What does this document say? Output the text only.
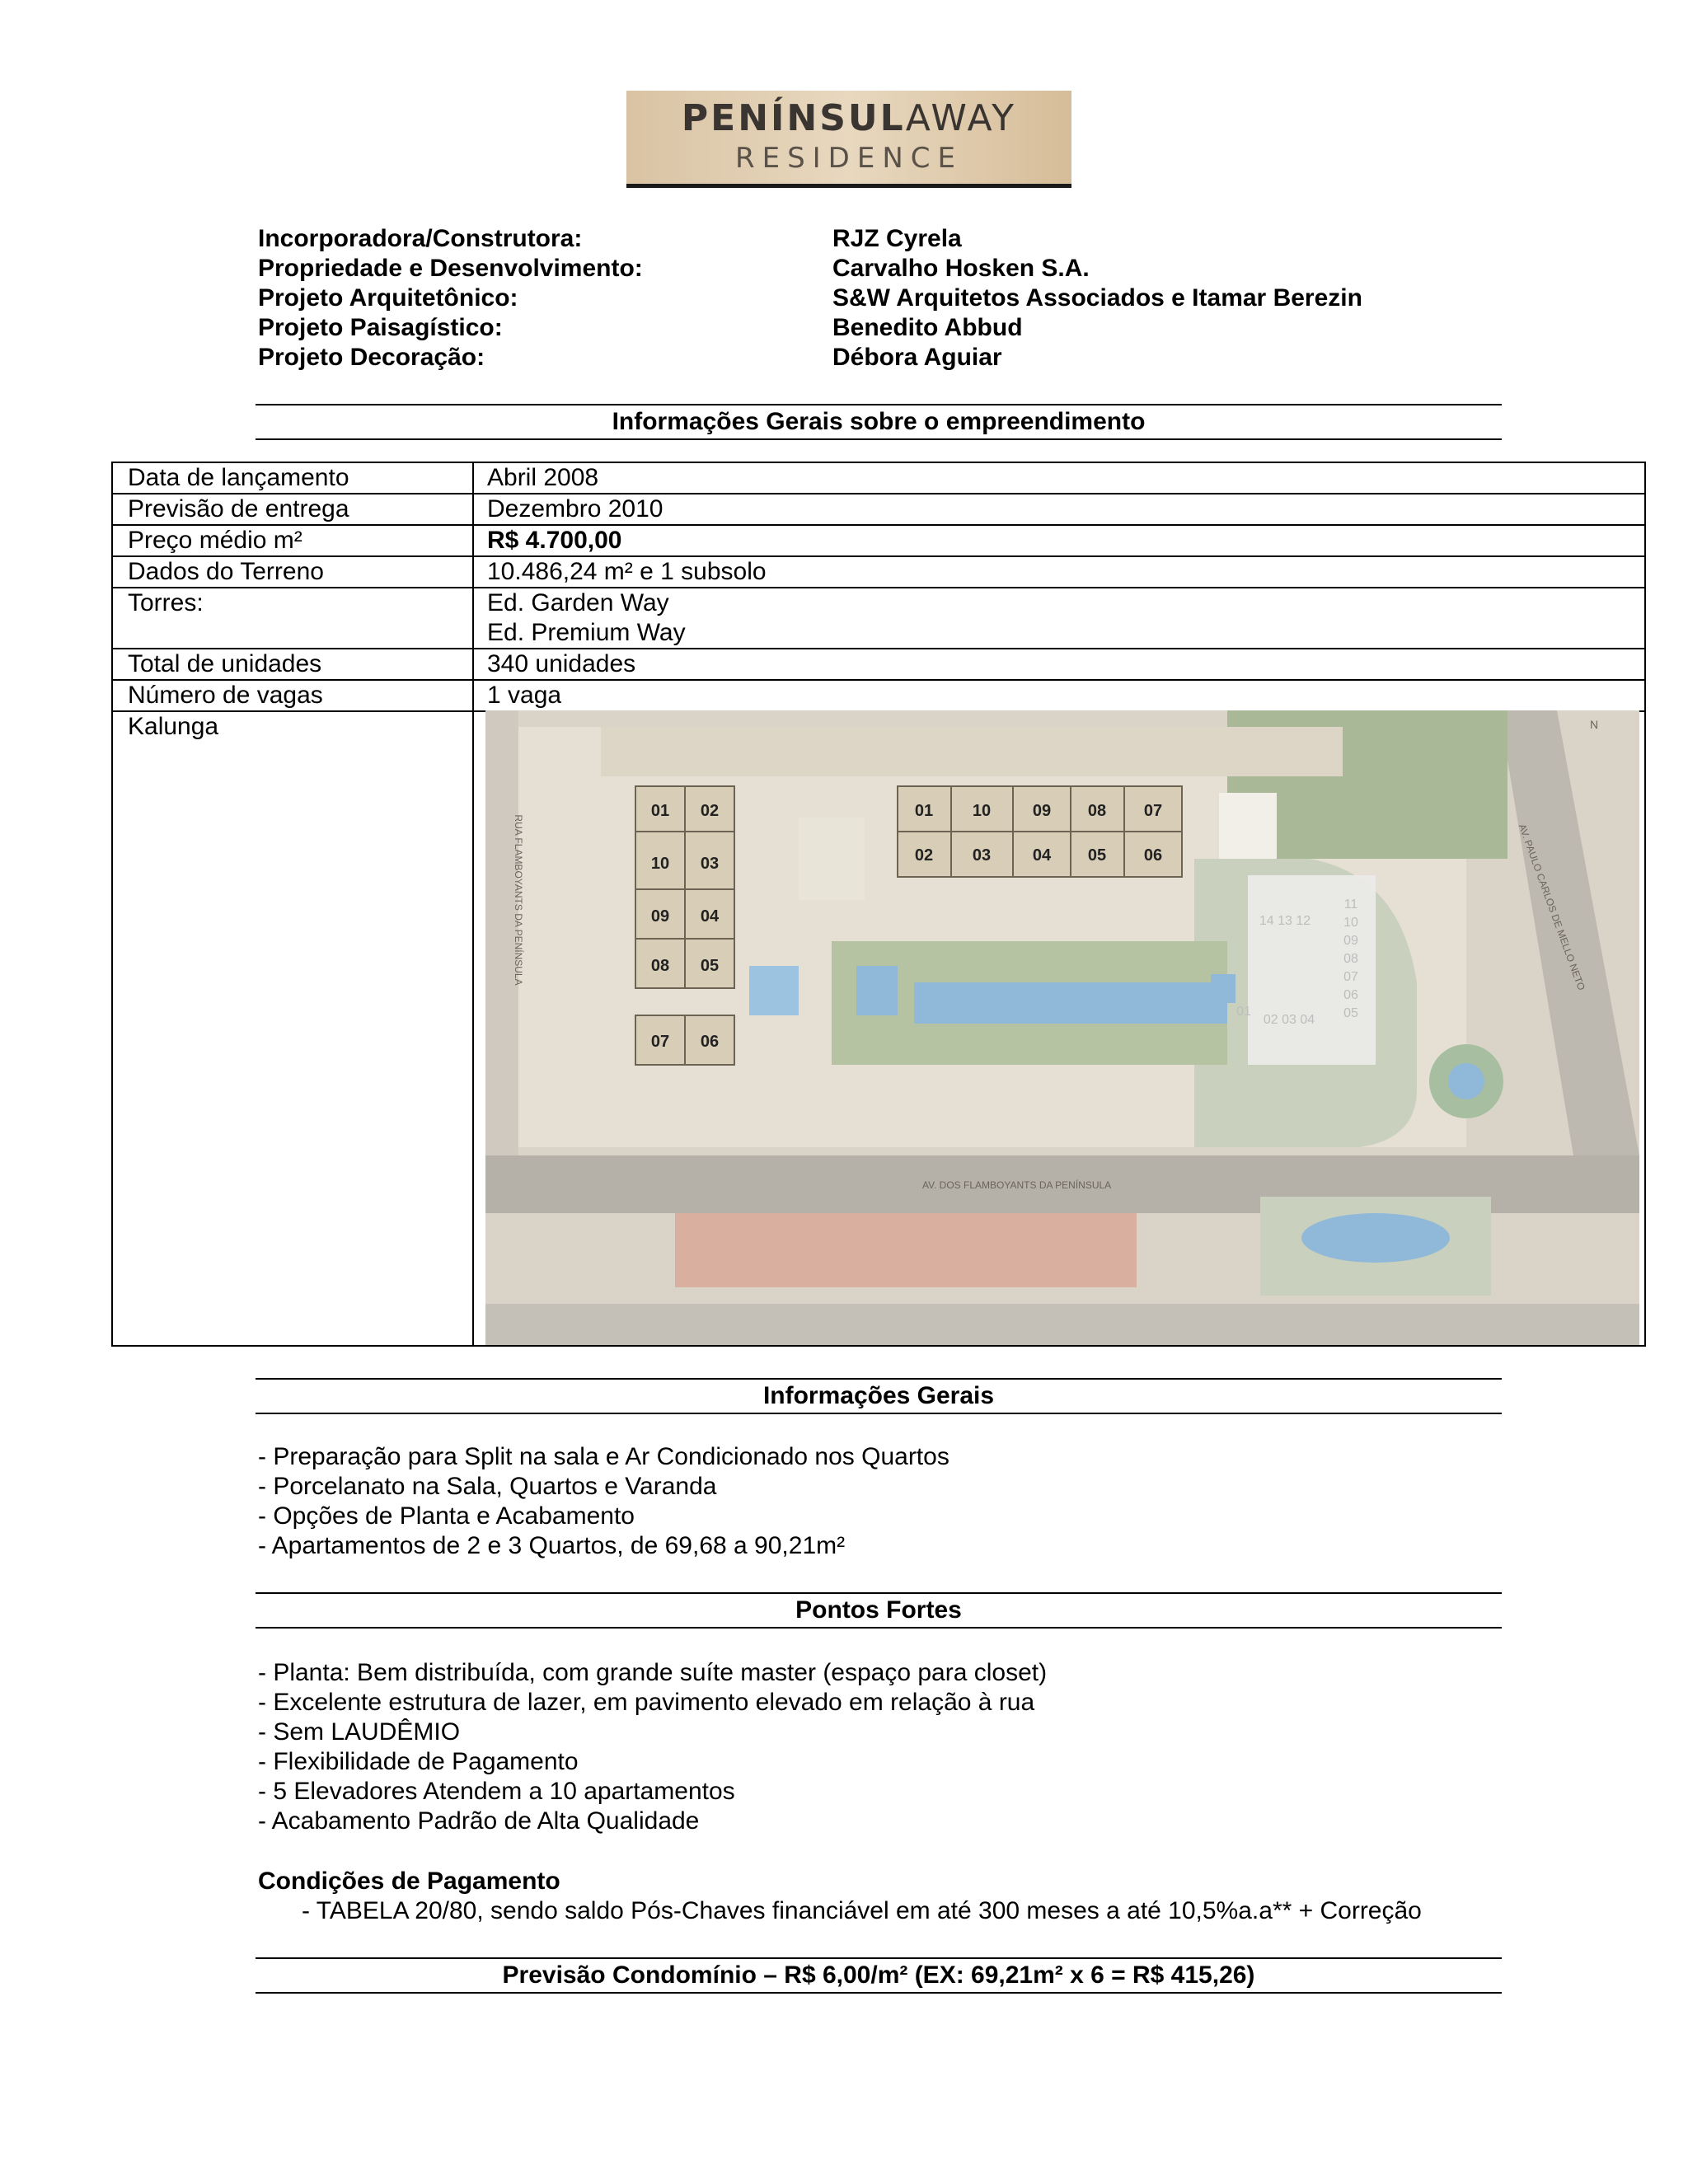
PENÍNSULAWAY
RESIDENCE
Incorporadora/Construtora:	RJZ Cyrela
Propriedade e Desenvolvimento:	Carvalho Hosken S.A.
Projeto Arquitetônico:	S&W Arquitetos Associados e Itamar Berezin
Projeto Paisagístico:	Benedito Abbud
Projeto Decoração:	Débora Aguiar
Informações Gerais sobre o empreendimento
Data de lançamento	Abril 2008
Previsão de entrega	Dezembro 2010
Preço médio m²	R$ 4.700,00
Dados do Terreno	10.486,24 m² e 1 subsolo
Torres:	Ed. Garden Way
Ed. Premium Way
Total de unidades	340 unidades
Número de vagas	1 vaga
Kalunga
01 02
10 03
09 04
08 05
07 06
01 10	09 08 07
02 03	04 05 06
14 13 12
11
10
09
08
07
06
05
02 03 04
01
RUA FLAMBOYANTS DA PENÍNSULA
AV. DOS FLAMBOYANTS DA PENÍNSULA
AV. PAULO CARLOS DE MELLO NETO
N
Informações Gerais
- Preparação para Split na sala e Ar Condicionado nos Quartos
- Porcelanato na Sala, Quartos e Varanda
- Opções de Planta e Acabamento
- Apartamentos de 2 e 3 Quartos, de 69,68 a 90,21m²
Pontos Fortes
- Planta: Bem distribuída, com grande suíte master (espaço para closet)
- Excelente estrutura de lazer, em pavimento elevado em relação à rua
- Sem LAUDÊMIO
- Flexibilidade de Pagamento
- 5 Elevadores Atendem a 10 apartamentos
- Acabamento Padrão de Alta Qualidade
Condições de Pagamento
- TABELA 20/80, sendo saldo Pós-Chaves financiável em até 300 meses a até 10,5%a.a** + Correção
Previsão Condomínio – R$ 6,00/m² (EX: 69,21m² x 6 = R$ 415,26)
